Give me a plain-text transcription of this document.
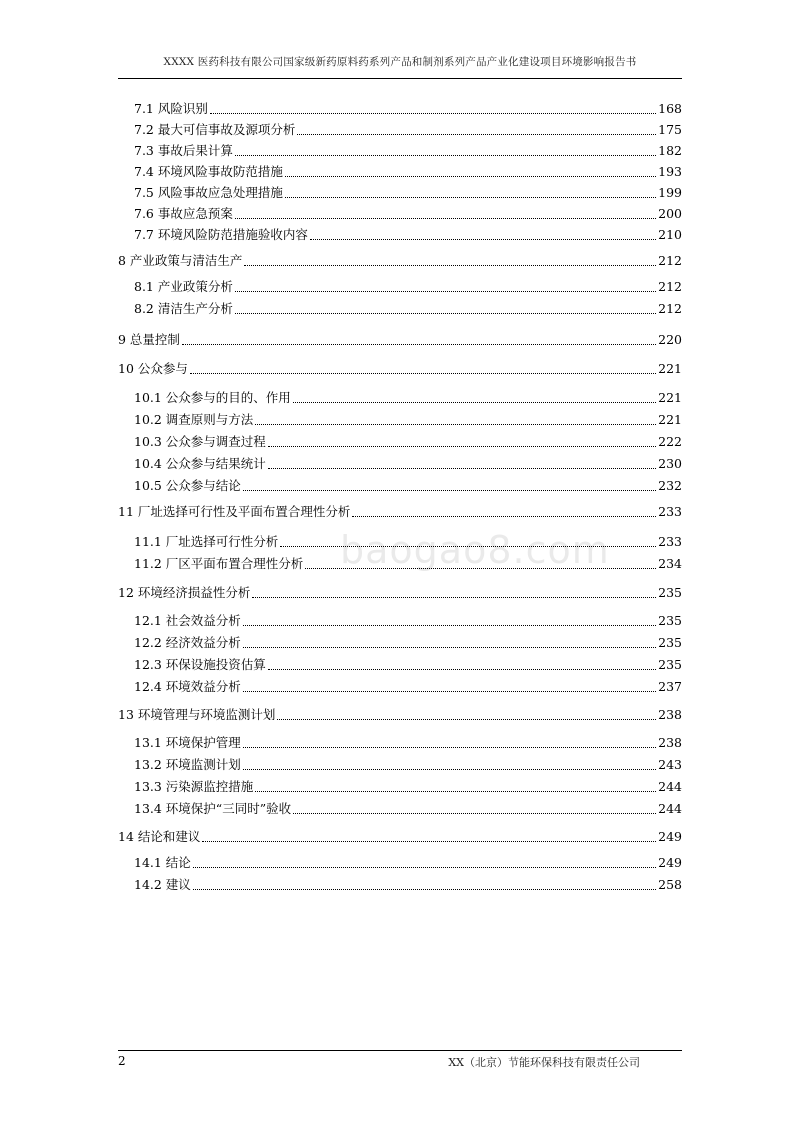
XXXX 医药科技有限公司国家级新药原料药系列产品和制剂系列产品产业化建设项目环境影响报告书
baogao8.com
7.1 风险识别	168
7.2 最大可信事故及源项分析	175
7.3 事故后果计算	182
7.4 环境风险事故防范措施	193
7.5 风险事故应急处理措施	199
7.6 事故应急预案	200
7.7 环境风险防范措施验收内容	210
8 产业政策与清洁生产	212
8.1 产业政策分析	212
8.2 清洁生产分析	212
9 总量控制	220
10 公众参与	221
10.1 公众参与的目的、作用	221
10.2 调查原则与方法	221
10.3 公众参与调查过程	222
10.4 公众参与结果统计	230
10.5 公众参与结论	232
11 厂址选择可行性及平面布置合理性分析	233
11.1 厂址选择可行性分析	233
11.2 厂区平面布置合理性分析	234
12 环境经济损益性分析	235
12.1 社会效益分析	235
12.2 经济效益分析	235
12.3 环保设施投资估算	235
12.4 环境效益分析	237
13 环境管理与环境监测计划	238
13.1 环境保护管理	238
13.2 环境监测计划	243
13.3 污染源监控措施	244
13.4 环境保护“三同时”验收	244
14 结论和建议	249
14.1 结论	249
14.2 建议	258
2	XX（北京）节能环保科技有限责任公司
